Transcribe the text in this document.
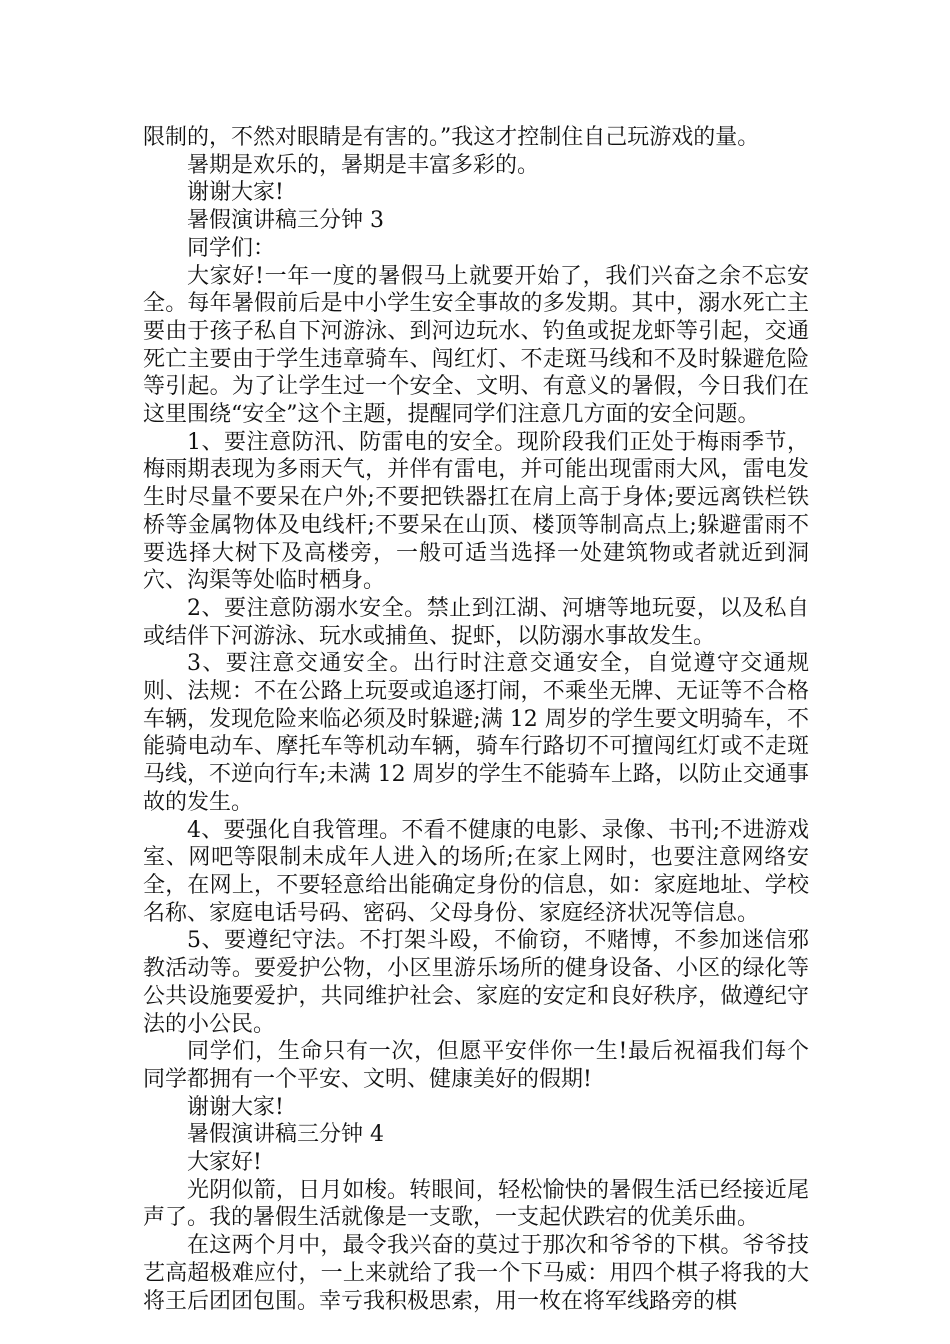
限制的，不然对眼睛是有害的。”我这才控制住自己玩游戏的量。

暑期是欢乐的，暑期是丰富多彩的。

谢谢大家!

暑假演讲稿三分钟 3

同学们：

大家好!一年一度的暑假马上就要开始了，我们兴奋之余不忘安全。每年暑假前后是中小学生安全事故的多发期。其中，溺水死亡主要由于孩子私自下河游泳、到河边玩水、钓鱼或捉龙虾等引起，交通死亡主要由于学生违章骑车、闯红灯、不走斑马线和不及时躲避危险等引起。为了让学生过一个安全、文明、有意义的暑假，今日我们在这里围绕“安全”这个主题，提醒同学们注意几方面的安全问题。

1、要注意防汛、防雷电的安全。现阶段我们正处于梅雨季节，梅雨期表现为多雨天气，并伴有雷电，并可能出现雷雨大风，雷电发生时尽量不要呆在户外;不要把铁器扛在肩上高于身体;要远离铁栏铁桥等金属物体及电线杆;不要呆在山顶、楼顶等制高点上;躲避雷雨不要选择大树下及高楼旁，一般可适当选择一处建筑物或者就近到洞穴、沟渠等处临时栖身。

2、要注意防溺水安全。禁止到江湖、河塘等地玩耍，以及私自或结伴下河游泳、玩水或捕鱼、捉虾，以防溺水事故发生。

3、要注意交通安全。出行时注意交通安全，自觉遵守交通规则、法规：不在公路上玩耍或追逐打闹，不乘坐无牌、无证等不合格车辆，发现危险来临必须及时躲避;满 12 周岁的学生要文明骑车，不能骑电动车、摩托车等机动车辆，骑车行路切不可擅闯红灯或不走斑马线，不逆向行车;未满 12 周岁的学生不能骑车上路，以防止交通事故的发生。

4、要强化自我管理。不看不健康的电影、录像、书刊;不进游戏室、网吧等限制未成年人进入的场所;在家上网时，也要注意网络安全，在网上，不要轻意给出能确定身份的信息，如：家庭地址、学校名称、家庭电话号码、密码、父母身份、家庭经济状况等信息。

5、要遵纪守法。不打架斗殴，不偷窃，不赌博，不参加迷信邪教活动等。要爱护公物，小区里游乐场所的健身设备、小区的绿化等公共设施要爱护，共同维护社会、家庭的安定和良好秩序，做遵纪守法的小公民。

同学们，生命只有一次，但愿平安伴你一生!最后祝福我们每个同学都拥有一个平安、文明、健康美好的假期!

谢谢大家!

暑假演讲稿三分钟 4

大家好!

光阴似箭，日月如梭。转眼间，轻松愉快的暑假生活已经接近尾声了。我的暑假生活就像是一支歌，一支起伏跌宕的优美乐曲。

在这两个月中，最令我兴奋的莫过于那次和爷爷的下棋。爷爷技艺高超极难应付，一上来就给了我一个下马威：用四个棋子将我的大将王后团团包围。幸亏我积极思索，用一枚在将军线路旁的棋
